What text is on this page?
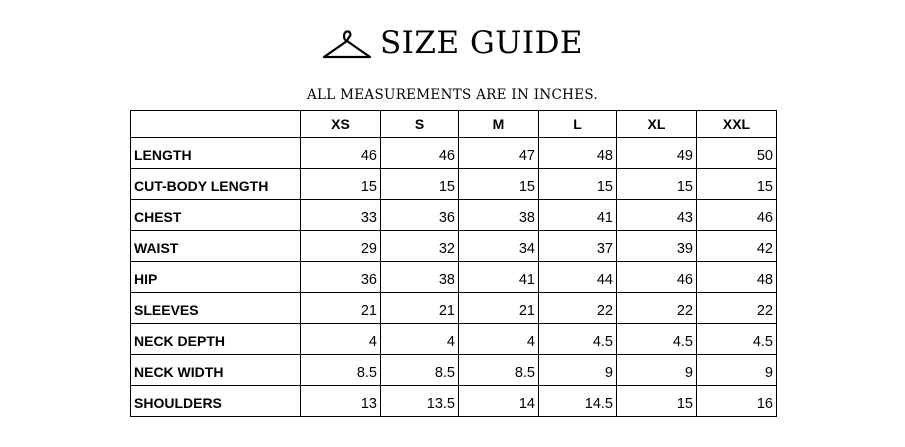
SIZE GUIDE
ALL MEASUREMENTS ARE IN INCHES.
	XS	S	M	L	XL	XXL
LENGTH	46	46	47	48	49	50
CUT-BODY LENGTH	15	15	15	15	15	15
CHEST	33	36	38	41	43	46
WAIST	29	32	34	37	39	42
HIP	36	38	41	44	46	48
SLEEVES	21	21	21	22	22	22
NECK DEPTH	4	4	4	4.5	4.5	4.5
NECK WIDTH	8.5	8.5	8.5	9	9	9
SHOULDERS	13	13.5	14	14.5	15	16
